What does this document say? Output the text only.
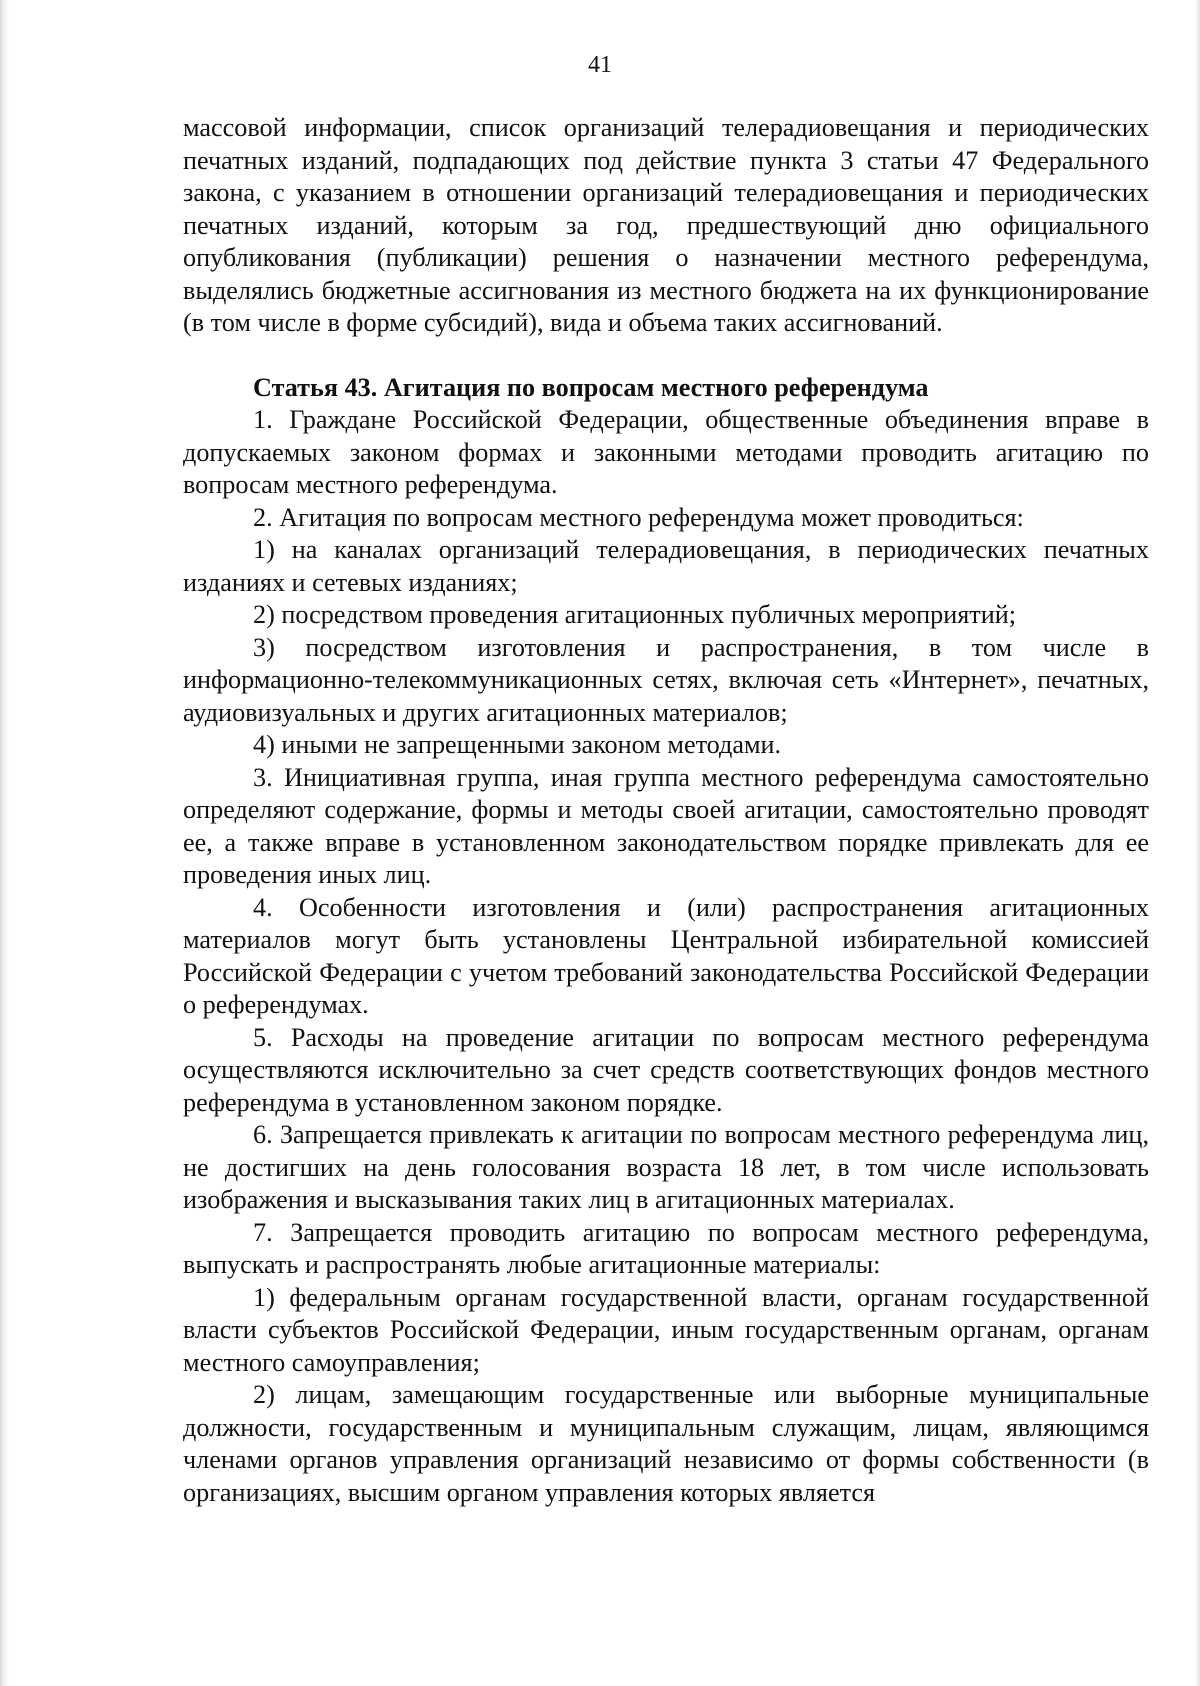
41

массовой информации, список организаций телерадиовещания и периодических печатных изданий, подпадающих под действие пункта 3 статьи 47 Федерального закона, с указанием в отношении организаций телерадиовещания и периодических печатных изданий, которым за год, предшествующий дню официального опубликования (публикации) решения о назначении местного референдума, выделялись бюджетные ассигнования из местного бюджета на их функционирование (в том числе в форме субсидий), вида и объема таких ассигнований.

Статья 43. Агитация по вопросам местного референдума

1. Граждане Российской Федерации, общественные объединения вправе в допускаемых законом формах и законными методами проводить агитацию по вопросам местного референдума.

2. Агитация по вопросам местного референдума может проводиться:

1) на каналах организаций телерадиовещания, в периодических печатных изданиях и сетевых изданиях;

2) посредством проведения агитационных публичных мероприятий;

3) посредством изготовления и распространения, в том числе в информационно-телекоммуникационных сетях, включая сеть «Интернет», печатных, аудиовизуальных и других агитационных материалов;

4) иными не запрещенными законом методами.

3. Инициативная группа, иная группа местного референдума самостоятельно определяют содержание, формы и методы своей агитации, самостоятельно проводят ее, а также вправе в установленном законодательством порядке привлекать для ее проведения иных лиц.

4. Особенности изготовления и (или) распространения агитационных материалов могут быть установлены Центральной избирательной комиссией Российской Федерации с учетом требований законодательства Российской Федерации о референдумах.

5. Расходы на проведение агитации по вопросам местного референдума осуществляются исключительно за счет средств соответствующих фондов местного референдума в установленном законом порядке.

6. Запрещается привлекать к агитации по вопросам местного референдума лиц, не достигших на день голосования возраста 18 лет, в том числе использовать изображения и высказывания таких лиц в агитационных материалах.

7. Запрещается проводить агитацию по вопросам местного референдума, выпускать и распространять любые агитационные материалы:

1) федеральным органам государственной власти, органам государственной власти субъектов Российской Федерации, иным государственным органам, органам местного самоуправления;

2) лицам, замещающим государственные или выборные муниципальные должности, государственным и муниципальным служащим, лицам, являющимся членами органов управления организаций независимо от формы собственности (в организациях, высшим органом управления которых является
